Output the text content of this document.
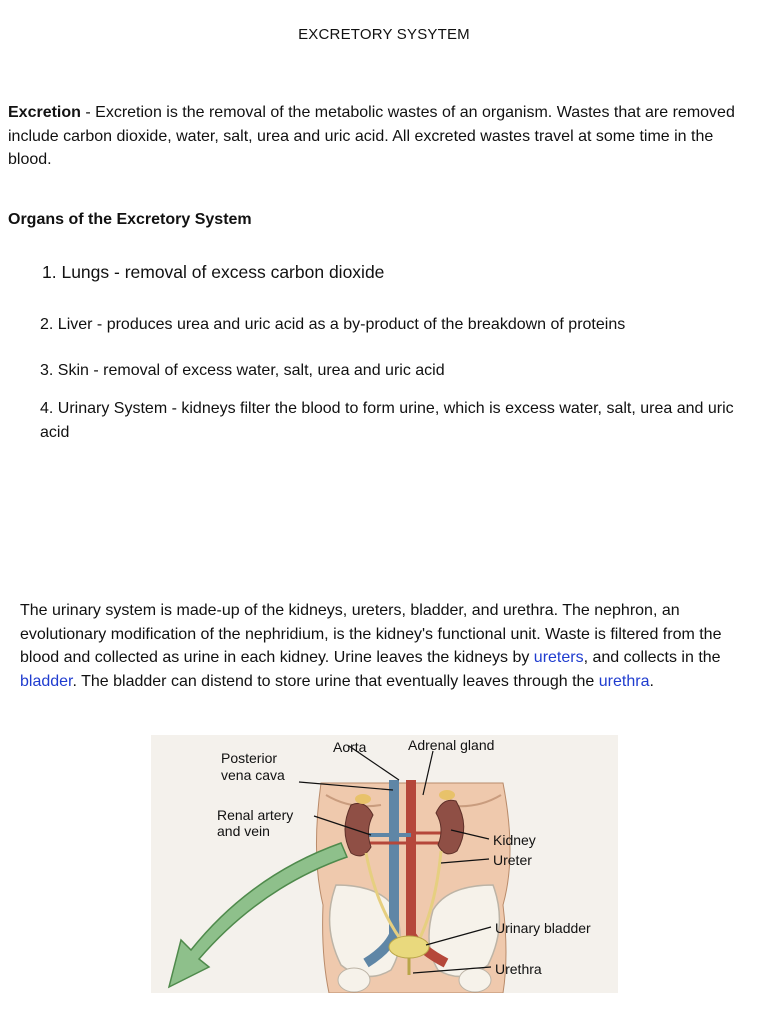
EXCRETORY SYSYTEM
Excretion - Excretion is the removal of the metabolic wastes of an organism. Wastes that are removed include carbon dioxide, water, salt, urea and uric acid. All excreted wastes travel at some time in the blood.
Organs of the Excretory System
1. Lungs - removal of excess carbon dioxide
2. Liver - produces urea and uric acid as a by-product of the breakdown of proteins
3. Skin - removal of excess water, salt, urea and uric acid
4. Urinary System - kidneys filter the blood to form urine, which is excess water, salt, urea and uric acid
The urinary system is made-up of the kidneys, ureters, bladder, and urethra. The nephron, an evolutionary modification of the nephridium, is the kidney's functional unit. Waste is filtered from the blood and collected as urine in each kidney. Urine leaves the kidneys by ureters, and collects in the bladder. The bladder can distend to store urine that eventually leaves through the urethra.
Posterior
vena cava
Aorta	Adrenal gland
Renal artery
and vein
Kidney
Ureter
Urinary bladder
Urethra
